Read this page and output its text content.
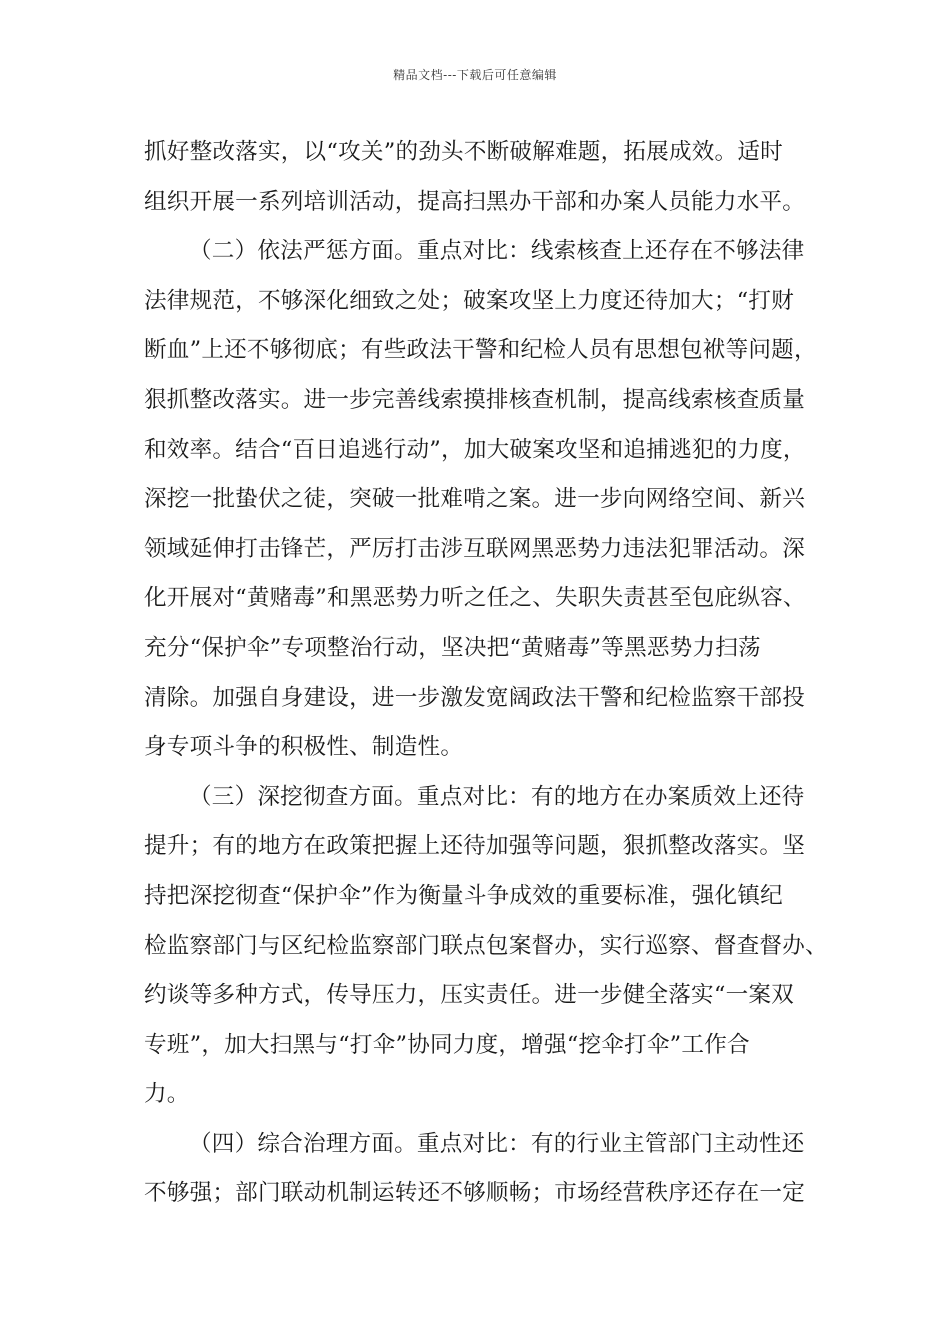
精品文档---下载后可任意编辑
抓好整改落实，以“攻关”的劲头不断破解难题，拓展成效。适时
组织开展一系列培训活动，提高扫黑办干部和办案人员能力水平。
（二）依法严惩方面。重点对比：线索核查上还存在不够法律
法律规范，不够深化细致之处；破案攻坚上力度还待加大；“打财
断血”上还不够彻底；有些政法干警和纪检人员有思想包袱等问题，
狠抓整改落实。进一步完善线索摸排核查机制，提高线索核查质量
和效率。结合“百日追逃行动”，加大破案攻坚和追捕逃犯的力度，
深挖一批蛰伏之徒，突破一批难啃之案。进一步向网络空间、新兴
领域延伸打击锋芒，严厉打击涉互联网黑恶势力违法犯罪活动。深
化开展对“黄赌毒”和黑恶势力听之任之、失职失责甚至包庇纵容、
充分“保护伞”专项整治行动，坚决把“黄赌毒”等黑恶势力扫荡
清除。加强自身建设，进一步激发宽阔政法干警和纪检监察干部投
身专项斗争的积极性、制造性。
（三）深挖彻查方面。重点对比：有的地方在办案质效上还待
提升；有的地方在政策把握上还待加强等问题，狠抓整改落实。坚
持把深挖彻查“保护伞”作为衡量斗争成效的重要标准，强化镇纪
检监察部门与区纪检监察部门联点包案督办，实行巡察、督查督办、
约谈等多种方式，传导压力，压实责任。进一步健全落实“一案双
专班”，加大扫黑与“打伞”协同力度，增强“挖伞打伞”工作合
力。
（四）综合治理方面。重点对比：有的行业主管部门主动性还
不够强；部门联动机制运转还不够顺畅；市场经营秩序还存在一定
